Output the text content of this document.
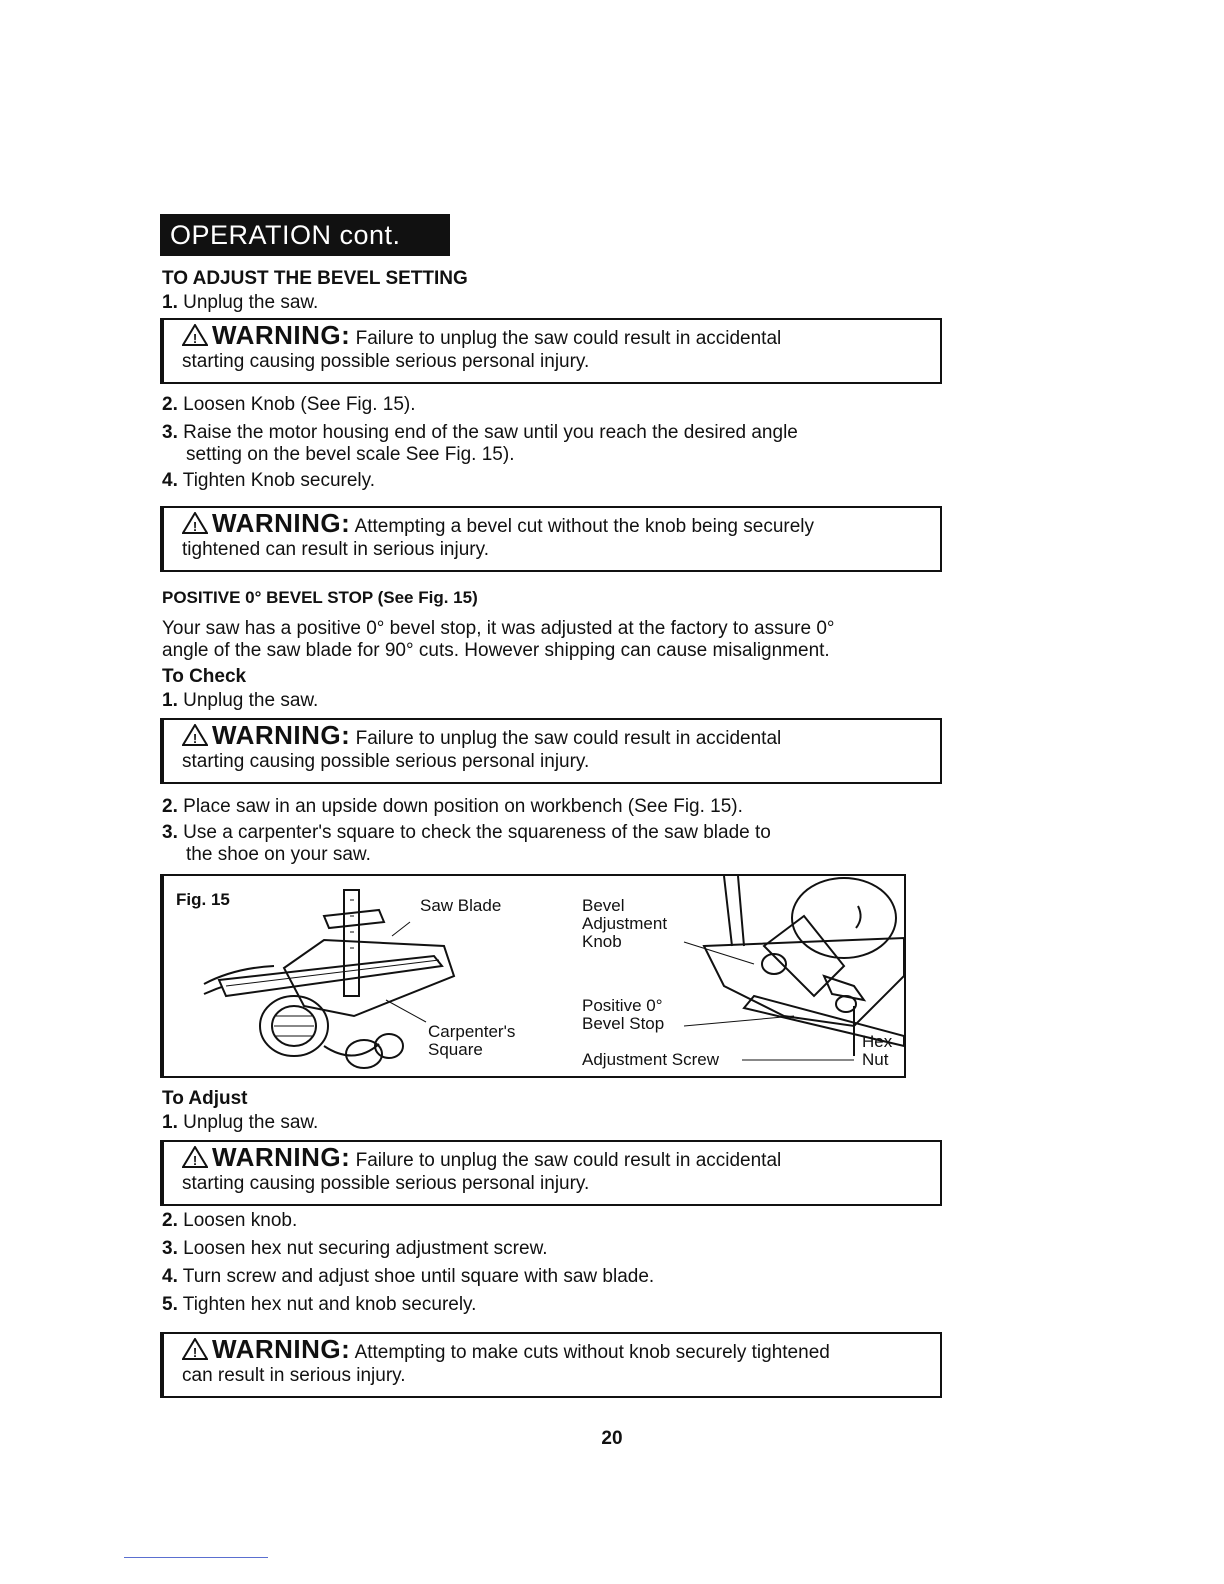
OPERATION cont.
TO ADJUST THE BEVEL SETTING
1. Unplug the saw.
! WARNING: Failure to unplug the saw could result in accidental
starting causing possible serious personal injury.
2. Loosen Knob (See Fig. 15).
3. Raise the motor housing end of the saw until you reach the desired angle
setting on the bevel scale See Fig. 15).
4. Tighten Knob securely.
! WARNING: Attempting a bevel cut without the knob being securely
tightened can result in serious injury.
POSITIVE 0° BEVEL STOP (See Fig. 15)
Your saw has a positive 0° bevel stop, it was adjusted at the factory to assure 0°
angle of the saw blade for 90° cuts. However shipping can cause misalignment.
To Check
1. Unplug the saw.
! WARNING: Failure to unplug the saw could result in accidental
starting causing possible serious personal injury.
2. Place saw in an upside down position on workbench (See Fig. 15).
3. Use a carpenter's square to check the squareness of the saw blade to
the shoe on your saw.
Fig. 15	Saw Blade
Carpenter's
Square
Bevel
Adjustment
Knob
Positive 0°
Bevel Stop
Adjustment Screw
Hex
Nut
To Adjust
1. Unplug the saw.
! WARNING: Failure to unplug the saw could result in accidental
starting causing possible serious personal injury.
2. Loosen knob.
3. Loosen hex nut securing adjustment screw.
4. Turn screw and adjust shoe until square with saw blade.
5. Tighten hex nut and knob securely.
! WARNING: Attempting to make cuts without knob securely tightened
can result in serious injury.
20
